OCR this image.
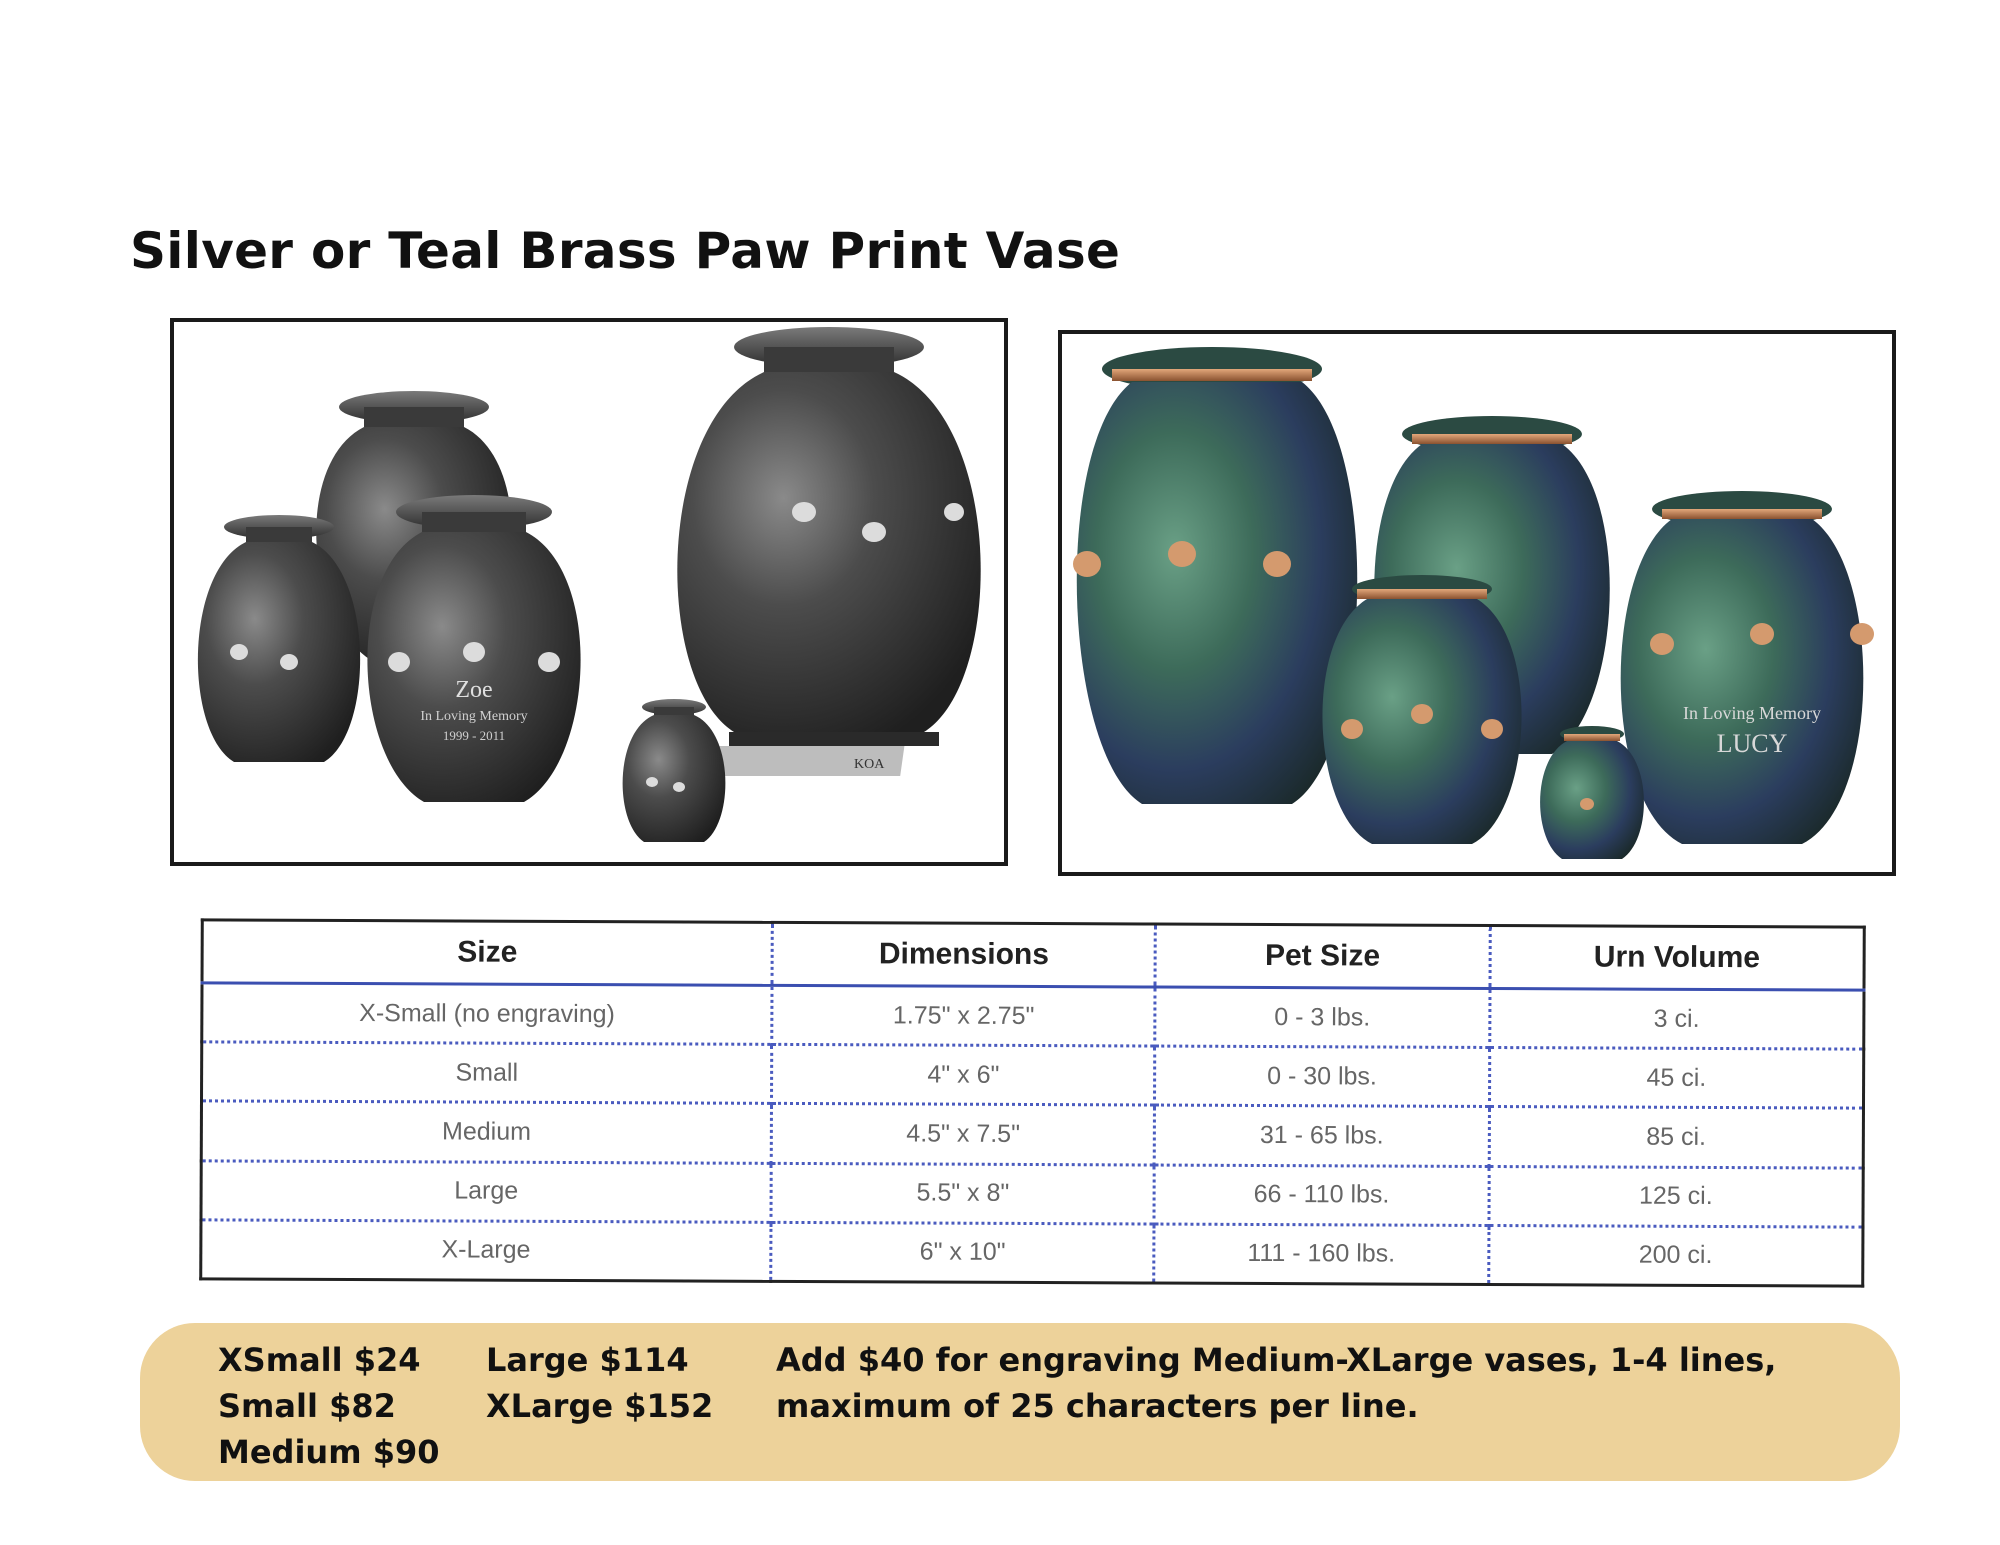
Silver or Teal Brass Paw Print Vase
KOA
Zoe
In Loving Memory
1999 - 2011
In Loving Memory
LUCY
Size	Dimensions	Pet Size	Urn Volume
X-Small (no engraving)	1.75" x 2.75"	0 - 3 lbs.	3 ci.
Small	4" x 6"	0 - 30 lbs.	45 ci.
Medium	4.5" x 7.5"	31 - 65 lbs.	85 ci.
Large	5.5" x 8"	66 - 110 lbs.	125 ci.
X-Large	6" x 10"	111 - 160 lbs.	200 ci.
XSmall $24
Small $82
Medium $90
Large $114
XLarge $152
Add $40 for engraving Medium-XLarge vases, 1-4 lines,
maximum of 25 characters per line.
